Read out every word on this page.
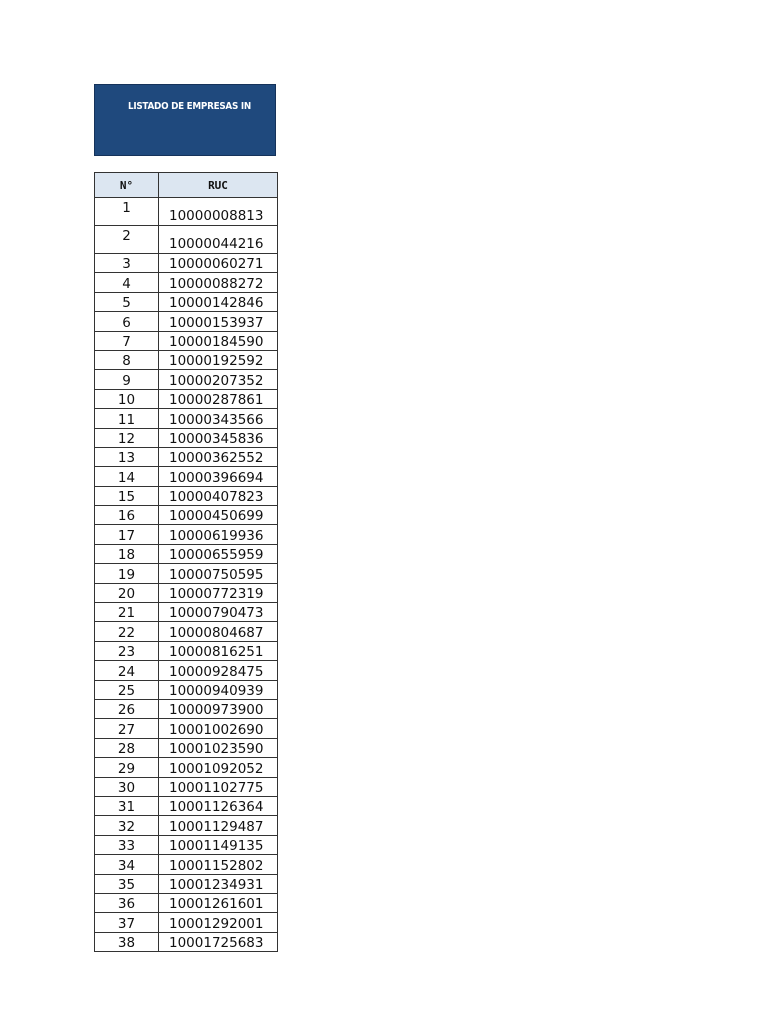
LISTADO DE EMPRESAS IN
N°	RUC
1	10000008813
2	10000044216
3	10000060271
4	10000088272
5	10000142846
6	10000153937
7	10000184590
8	10000192592
9	10000207352
10	10000287861
11	10000343566
12	10000345836
13	10000362552
14	10000396694
15	10000407823
16	10000450699
17	10000619936
18	10000655959
19	10000750595
20	10000772319
21	10000790473
22	10000804687
23	10000816251
24	10000928475
25	10000940939
26	10000973900
27	10001002690
28	10001023590
29	10001092052
30	10001102775
31	10001126364
32	10001129487
33	10001149135
34	10001152802
35	10001234931
36	10001261601
37	10001292001
38	10001725683
